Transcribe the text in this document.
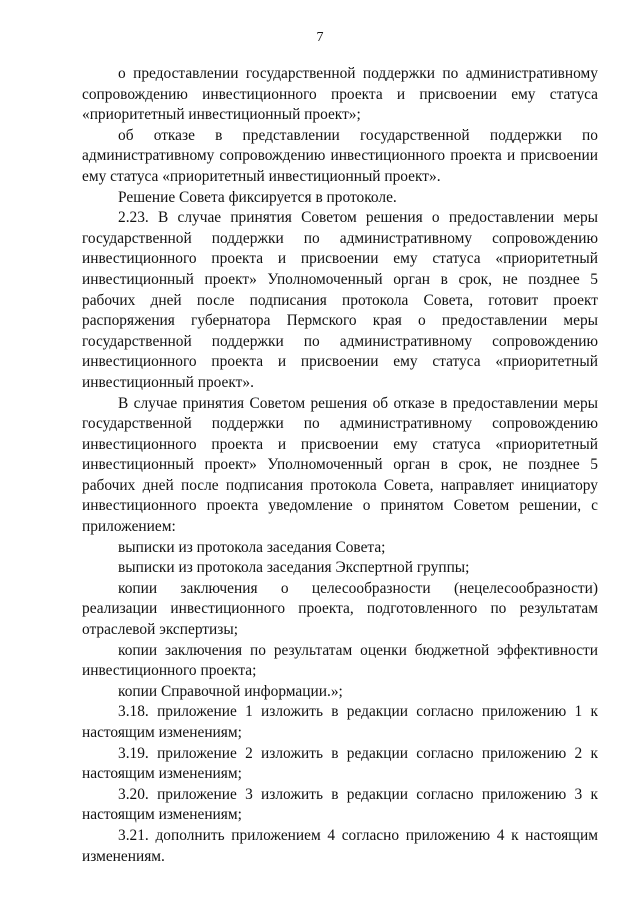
7

о предоставлении государственной поддержки по административному сопровождению инвестиционного проекта и присвоении ему статуса «приоритетный инвестиционный проект»;

об отказе в представлении государственной поддержки по административному сопровождению инвестиционного проекта и присвоении ему статуса «приоритетный инвестиционный проект».

Решение Совета фиксируется в протоколе.

2.23. В случае принятия Советом решения о предоставлении меры государственной поддержки по административному сопровождению инвестиционного проекта и присвоении ему статуса «приоритетный инвестиционный проект» Уполномоченный орган в срок, не позднее 5 рабочих дней после подписания протокола Совета, готовит проект распоряжения губернатора Пермского края о предоставлении меры государственной поддержки по административному сопровождению инвестиционного проекта и присвоении ему статуса «приоритетный инвестиционный проект».

В случае принятия Советом решения об отказе в предоставлении меры государственной поддержки по административному сопровождению инвестиционного проекта и присвоении ему статуса «приоритетный инвестиционный проект» Уполномоченный орган в срок, не позднее 5 рабочих дней после подписания протокола Совета, направляет инициатору инвестиционного проекта уведомление о принятом Советом решении, с приложением:

выписки из протокола заседания Совета;

выписки из протокола заседания Экспертной группы;

копии заключения о целесообразности (нецелесообразности) реализации инвестиционного проекта, подготовленного по результатам отраслевой экспертизы;

копии заключения по результатам оценки бюджетной эффективности инвестиционного проекта;

копии Справочной информации.»;

3.18. приложение 1 изложить в редакции согласно приложению 1 к настоящим изменениям;

3.19. приложение 2 изложить в редакции согласно приложению 2 к настоящим изменениям;

3.20. приложение 3 изложить в редакции согласно приложению 3 к настоящим изменениям;

3.21. дополнить приложением 4 согласно приложению 4 к настоящим изменениям.
